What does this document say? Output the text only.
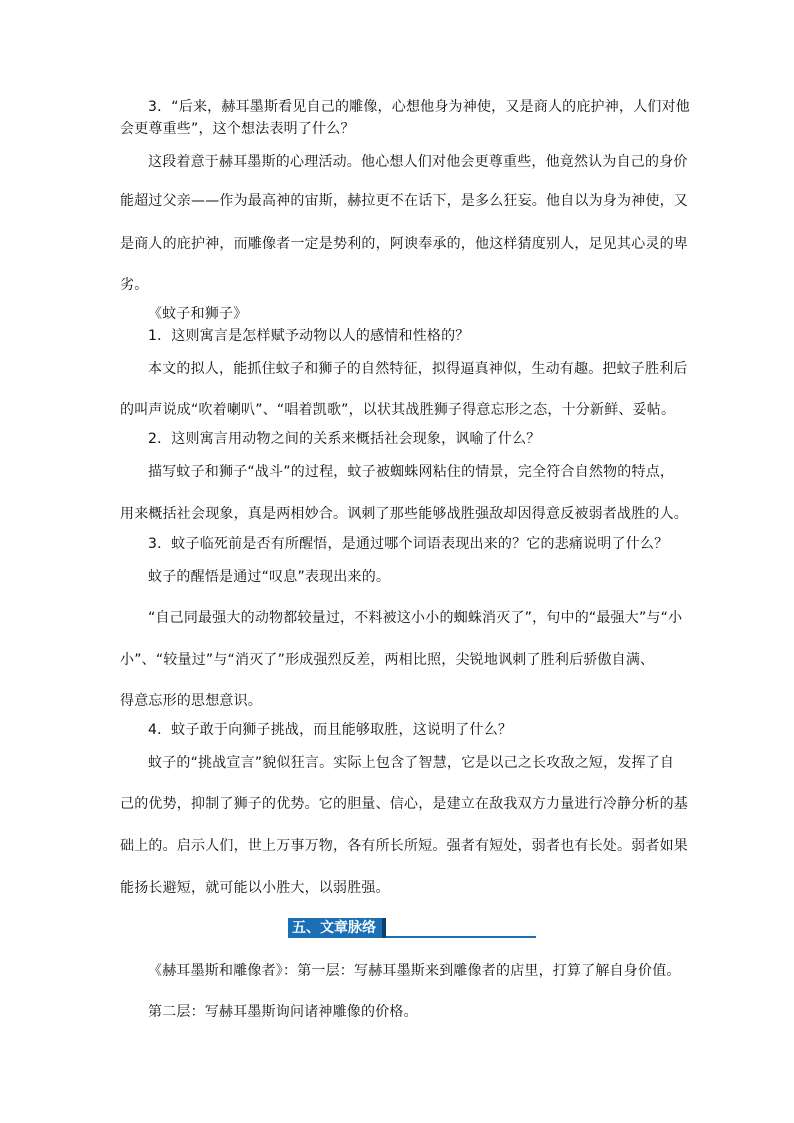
3．“后来，赫耳墨斯看见自己的雕像，心想他身为神使，又是商人的庇护神，人们对他
会更尊重些”，这个想法表明了什么？
这段着意于赫耳墨斯的心理活动。他心想人们对他会更尊重些，他竟然认为自己的身价
能超过父亲——作为最高神的宙斯，赫拉更不在话下，是多么狂妄。他自以为身为神使，又
是商人的庇护神，而雕像者一定是势利的，阿谀奉承的，他这样猜度别人，足见其心灵的卑
劣。
《蚊子和狮子》
1．这则寓言是怎样赋予动物以人的感情和性格的？
本文的拟人，能抓住蚊子和狮子的自然特征，拟得逼真神似，生动有趣。把蚊子胜利后
的叫声说成“吹着喇叭”、“唱着凯歌”，以状其战胜狮子得意忘形之态，十分新鲜、妥帖。
2．这则寓言用动物之间的关系来概括社会现象，讽喻了什么？
描写蚊子和狮子“战斗”的过程，蚊子被蜘蛛网粘住的情景，完全符合自然物的特点，
用来概括社会现象，真是两相妙合。讽刺了那些能够战胜强敌却因得意反被弱者战胜的人。
3．蚊子临死前是否有所醒悟，是通过哪个词语表现出来的？它的悲痛说明了什么？
蚊子的醒悟是通过“叹息”表现出来的。
“自己同最强大的动物都较量过，不料被这小小的蜘蛛消灭了”，句中的“最强大”与“小
小”、“较量过”与“消灭了”形成强烈反差，两相比照，尖锐地讽刺了胜利后骄傲自满、
得意忘形的思想意识。
4．蚊子敢于向狮子挑战，而且能够取胜，这说明了什么？
蚊子的“挑战宣言”貌似狂言。实际上包含了智慧，它是以己之长攻敌之短，发挥了自
己的优势，抑制了狮子的优势。它的胆量、信心，是建立在敌我双方力量进行冷静分析的基
础上的。启示人们，世上万事万物，各有所长所短。强者有短处，弱者也有长处。弱者如果
能扬长避短，就可能以小胜大，以弱胜强。
五、文章脉络
《赫耳墨斯和雕像者》：第一层：写赫耳墨斯来到雕像者的店里，打算了解自身价值。
第二层：写赫耳墨斯询问诸神雕像的价格。
